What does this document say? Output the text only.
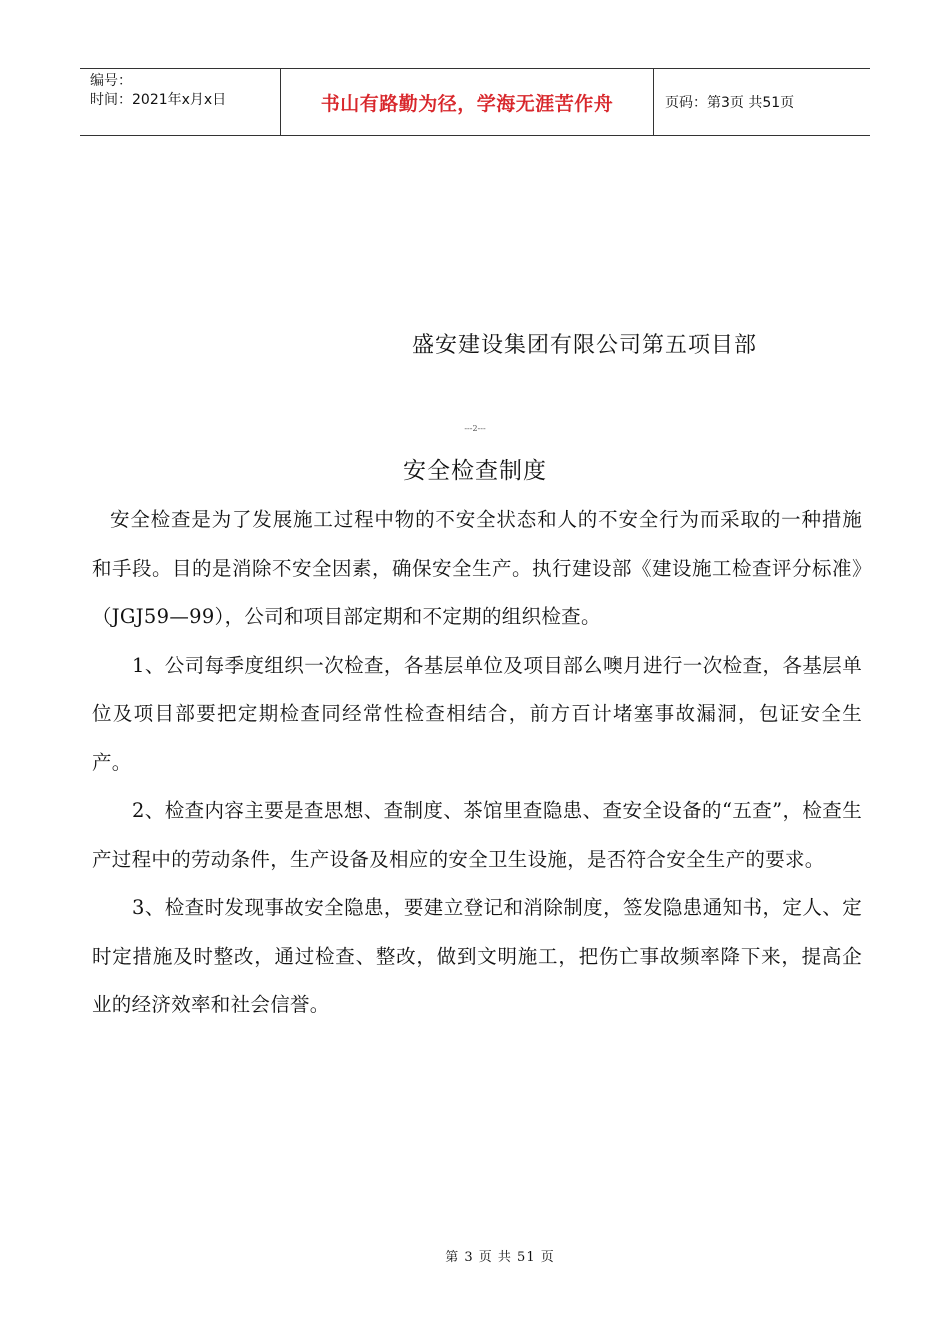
编号：
时间：2021年x月x日	书山有路勤为径，学海无涯苦作舟	页码：第3页 共51页
盛安建设集团有限公司第五项目部
---2---
安全检查制度

安全检查是为了发展施工过程中物的不安全状态和人的不安全行为而采取的一种措施和手段。目的是消除不安全因素，确保安全生产。执行建设部《建设施工检查评分标准》（JGJ59—99），公司和项目部定期和不定期的组织检查。

1、公司每季度组织一次检查，各基层单位及项目部么噢月进行一次检查，各基层单位及项目部要把定期检查同经常性检查相结合，前方百计堵塞事故漏洞，包证安全生产。

2、检查内容主要是查思想、查制度、茶馆里查隐患、查安全设备的“五查”，检查生产过程中的劳动条件，生产设备及相应的安全卫生设施，是否符合安全生产的要求。

3、检查时发现事故安全隐患，要建立登记和消除制度，签发隐患通知书，定人、定时定措施及时整改，通过检查、整改，做到文明施工，把伤亡事故频率降下来，提高企业的经济效率和社会信誉。

第 3 页 共 51 页
